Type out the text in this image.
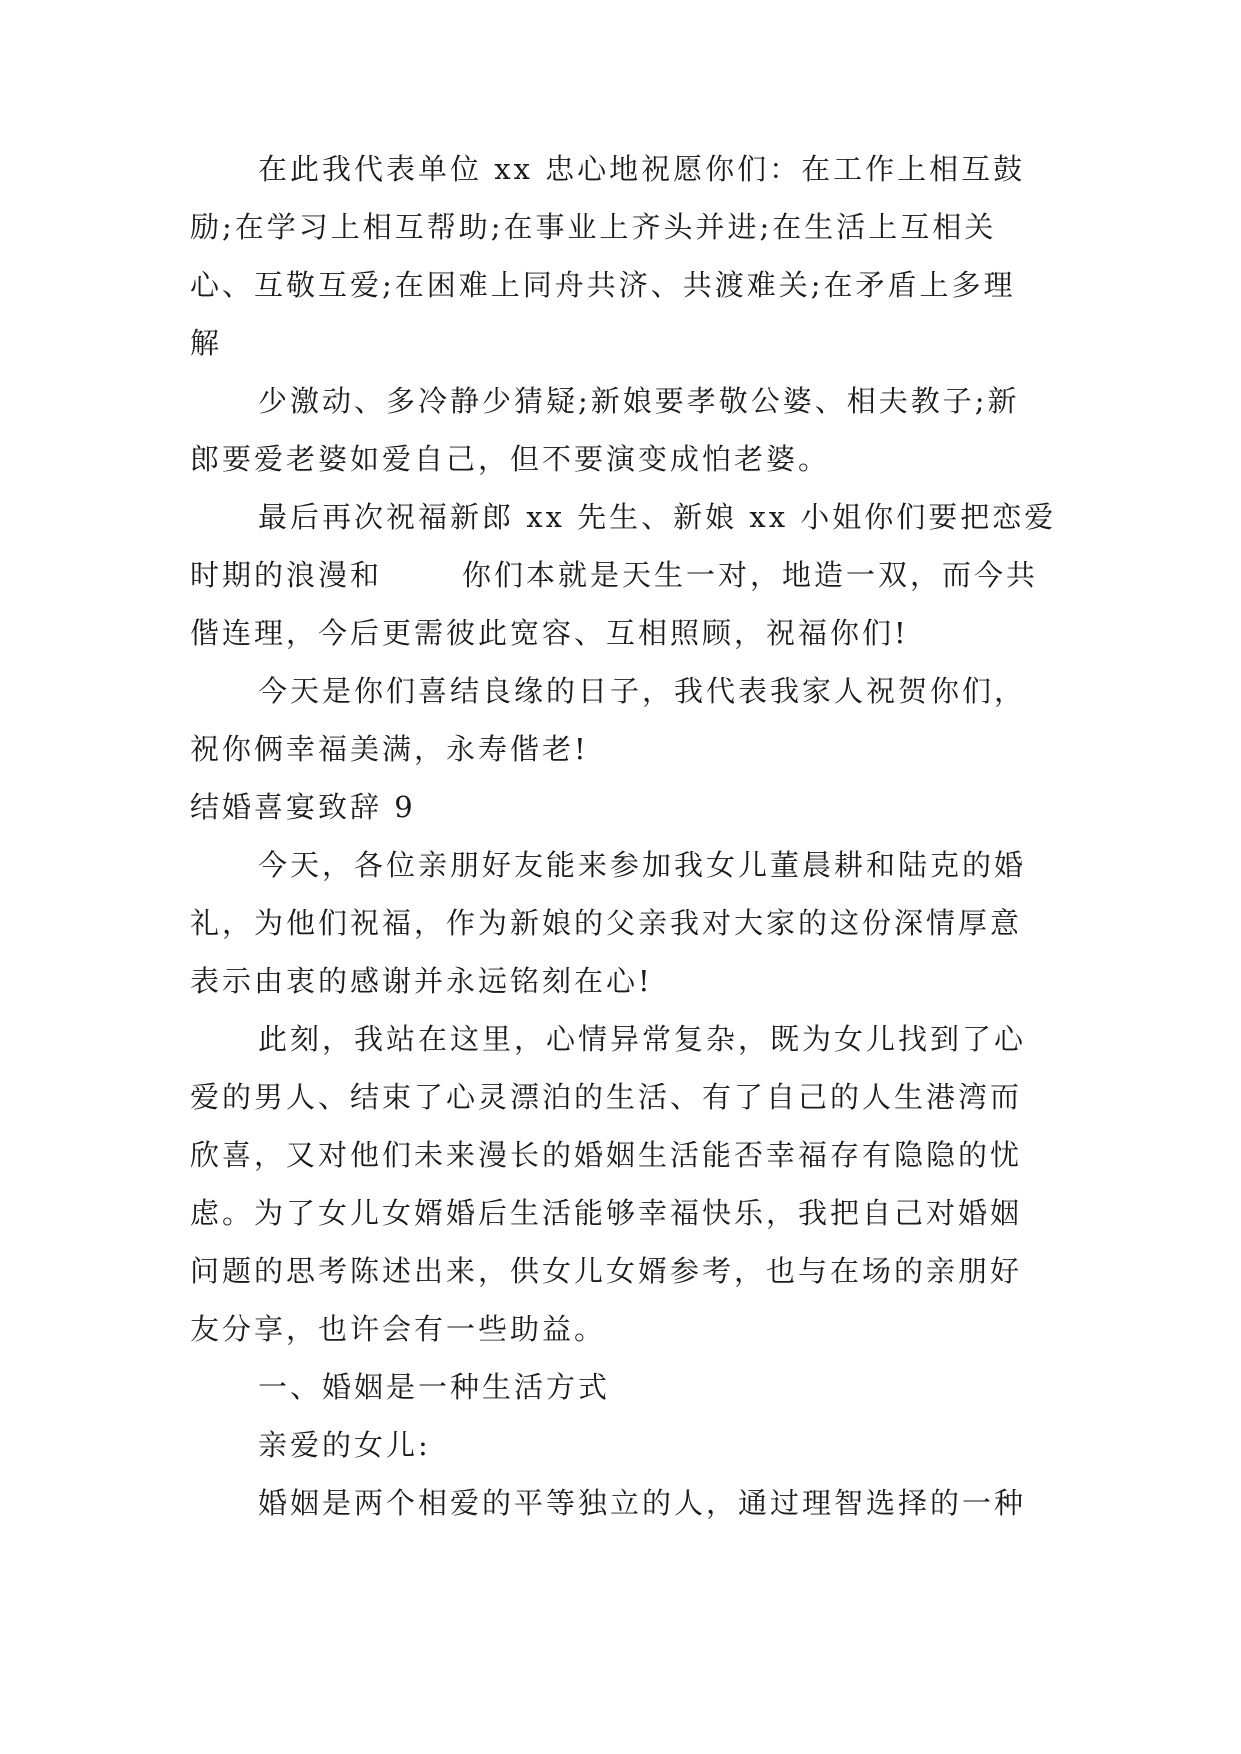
在此我代表单位 xx 忠心地祝愿你们：在工作上相互鼓

励;在学习上相互帮助;在事业上齐头并进;在生活上互相关

心、互敬互爱;在困难上同舟共济、共渡难关;在矛盾上多理

解

少激动、多冷静少猜疑;新娘要孝敬公婆、相夫教子;新

郎要爱老婆如爱自己，但不要演变成怕老婆。

最后再次祝福新郎 xx 先生、新娘 xx 小姐你们要把恋爱

时期的浪漫和	你们本就是天生一对，地造一双，而今共

偕连理，今后更需彼此宽容、互相照顾，祝福你们!

今天是你们喜结良缘的日子，我代表我家人祝贺你们，

祝你俩幸福美满，永寿偕老!

结婚喜宴致辞 9

今天，各位亲朋好友能来参加我女儿董晨耕和陆克的婚

礼，为他们祝福，作为新娘的父亲我对大家的这份深情厚意

表示由衷的感谢并永远铭刻在心!

此刻，我站在这里，心情异常复杂，既为女儿找到了心

爱的男人、结束了心灵漂泊的生活、有了自己的人生港湾而

欣喜，又对他们未来漫长的婚姻生活能否幸福存有隐隐的忧

虑。为了女儿女婿婚后生活能够幸福快乐，我把自己对婚姻

问题的思考陈述出来，供女儿女婿参考，也与在场的亲朋好

友分享，也许会有一些助益。

一、婚姻是一种生活方式

亲爱的女儿:

婚姻是两个相爱的平等独立的人，通过理智选择的一种
